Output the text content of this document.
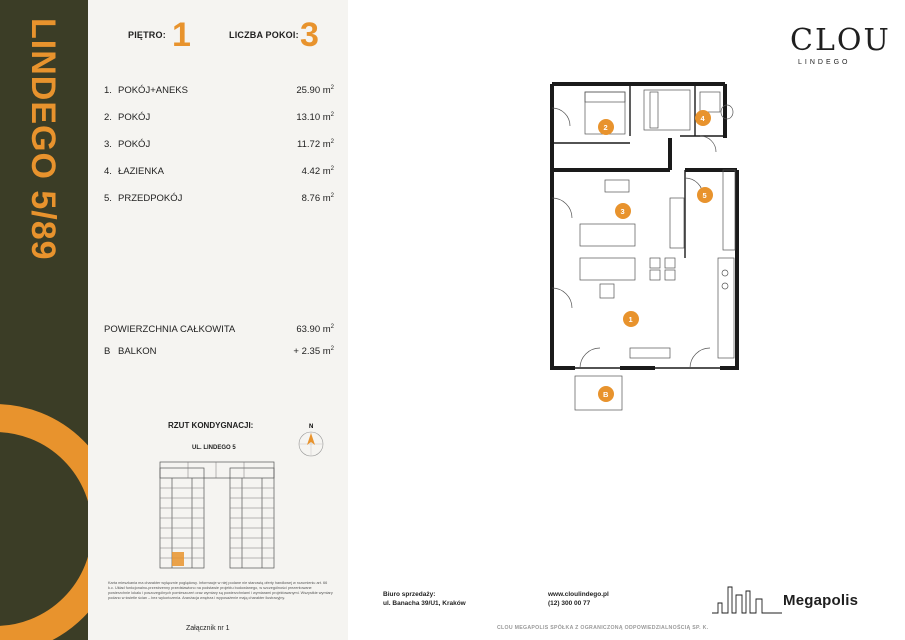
LINDEGO 5/89	PIĘTRO: 1	LICZBA POKOI: 3
1. POKÓJ+ANEKS	25.90 $m^2$
2. POKÓJ	13.10 $m^2$
3. POKÓJ	11.72 $m^2$
4. ŁAZIENKA	4.42 $m^2$
5. PRZEDPOKÓJ	8.76 $m^2$
POWIERZCHNIA CAŁKOWITA	63.90 $m^2$
B BALKON	+ 2.35 $m^2$
RZUT KONDYGNACJI:
UL. LINDEGO 5
N
Karta mieszkania ma charakter wyłącznie poglądowy. Informacje w niej podane nie stanowią oferty handlowej w rozumieniu art. 66 k.c. Układ funkcjonalno-przestrzenny przedstawiono na podstawie projektu budowlanego, w szczególności prezentowane powierzchnie lokalu i poszczególnych pomieszczeń oraz wymiary są powierzchniami i wymiarami projektowanymi. Wszystkie wymiary podano w świetle ścian – bez wykończenia. Aranżacja wnętrza i wyposażenie mają charakter ilustracyjny.
Załącznik nr 1
CLOU
LINDEGO
2
4
3
5
1
B
Biuro sprzedaży:
ul. Banacha 39/U1, Kraków
www.cloulindego.pl
(12) 300 00 77	Megapolis
CLOU MEGAPOLIS SPÓŁKA Z OGRANICZONĄ ODPOWIEDZIALNOŚCIĄ SP. K.
